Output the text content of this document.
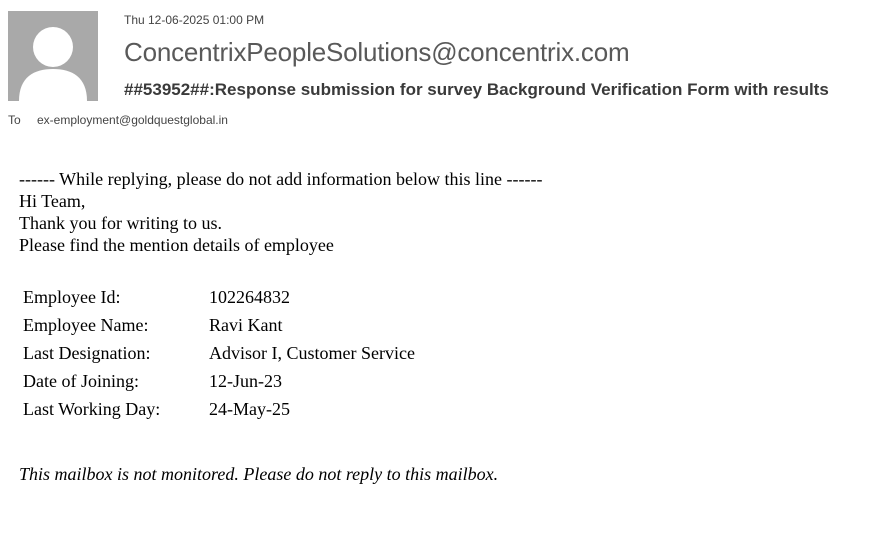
Thu 12-06-2025 01:00 PM
ConcentrixPeopleSolutions@concentrix.com
##53952##:Response submission for survey Background Verification Form with results
To ex-employment@goldquestglobal.in

------ While replying, please do not add information below this line ------

Hi Team,

Thank you for writing to us.

Please find the mention details of employee

Employee Id:	102264832
Employee Name:	Ravi Kant
Last Designation:	Advisor I, Customer Service
Date of Joining:	12-Jun-23
Last Working Day:	24-May-25
This mailbox is not monitored. Please do not reply to this mailbox.
